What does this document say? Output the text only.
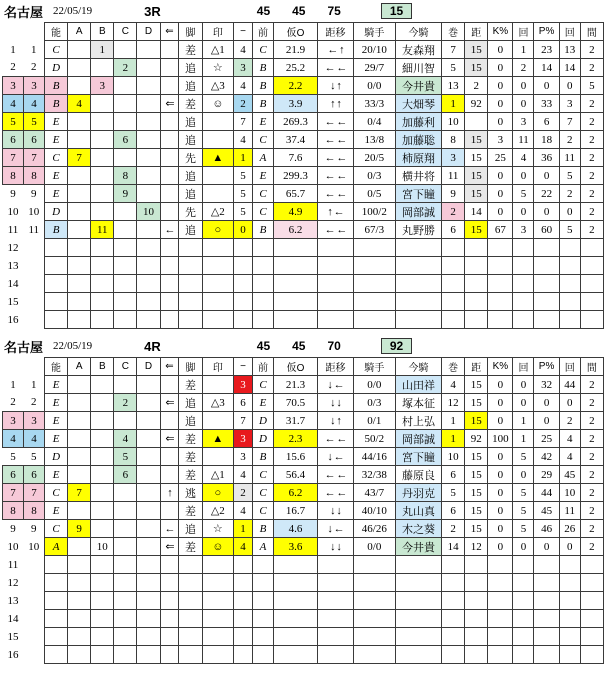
名古屋 22/05/19	3R	45 45 75	15
		能	A	B	C	D	⇐	脚	印	−	前	仮O	距移	騎手	今騎	巻	距	K%	回	P%	回	間
1	1	C		1				差	△1	4	C	21.9	← ↑	20/10	友森翔	7	15	0	1	23	13	2
2	2	D			2			追	☆	3	B	25.2	← ←	29/7	細川智	5	15	0	2	14	14	2
3	3	B		3				追	△3	4	B	2.2	↓ ↑	0/0	今井貴	13	2	0	0	0	0	5
4	4	B	4				⇐	差	☺	2	B	3.9	↑ ↑	33/3	大畑琴	1	92	0	0	33	3	2
5	5	E						追		7	E	269.3	← ←	0/4	加藤利	10		0	3	6	7	2
6	6	E			6			追		4	C	37.4	← ←	13/8	加藤聡	8	15	3	11	18	2	2
7	7	C	7					先	▲	1	A	7.6	← ←	20/5	柿原翔	3	15	25	4	36	11	2
8	8	E			8			追		5	E	299.3	← ←	0/3	横井将	11	15	0	0	0	5	2
9	9	E			9			追		5	C	65.7	← ←	0/5	宮下瞳	9	15	0	5	22	2	2
10	10	D				10		先	△2	5	C	4.9	↑ ←	100/2	岡部誠	2	14	0	0	0	0	2
11	11	B		11			←	追	○	0	B	6.2	← ←	67/3	丸野勝	6	15	67	3	60	5	2
12																						
13																						
14																						
15																						
16																						
名古屋 22/05/19	4R	45 45 70	92
		能	A	B	C	D	⇐	脚	印	−	前	仮O	距移	騎手	今騎	巻	距	K%	回	P%	回	間
1	1	E						差		3	C	21.3	↓ ←	0/0	山田祥	4	15	0	0	32	44	2
2	2	E			2		⇐	追	△3	6	E	70.5	↓ ↓	0/3	塚本征	12	15	0	0	0	0	2
3	3	E						追		7	D	31.7	↓ ↑	0/1	村上弘	1	15	0	1	0	2	2
4	4	E			4		⇐	差	▲	3	D	2.3	← ←	50/2	岡部誠	1	92	100	1	25	4	2
5	5	D			5			差		3	B	15.6	↓ ←	44/16	宮下瞳	10	15	0	5	42	4	2
6	6	E			6			差	△1	4	C	56.4	← ←	32/38	藤原良	6	15	0	0	29	45	2
7	7	C	7				↑	逃	○	2	C	6.2	← ←	43/7	丹羽克	5	15	0	5	44	10	2
8	8	E						差	△2	4	C	16.7	↓ ↓	40/10	丸山真	6	15	0	5	45	11	2
9	9	C	9				←	追	☆	1	B	4.6	↓ ←	46/26	木之葵	2	15	0	5	46	26	2
10	10	A		10			⇐	差	☺	4	A	3.6	↓ ↓	0/0	今井貴	14	12	0	0	0	0	2
11																						
12																						
13																						
14																						
15																						
16																						
